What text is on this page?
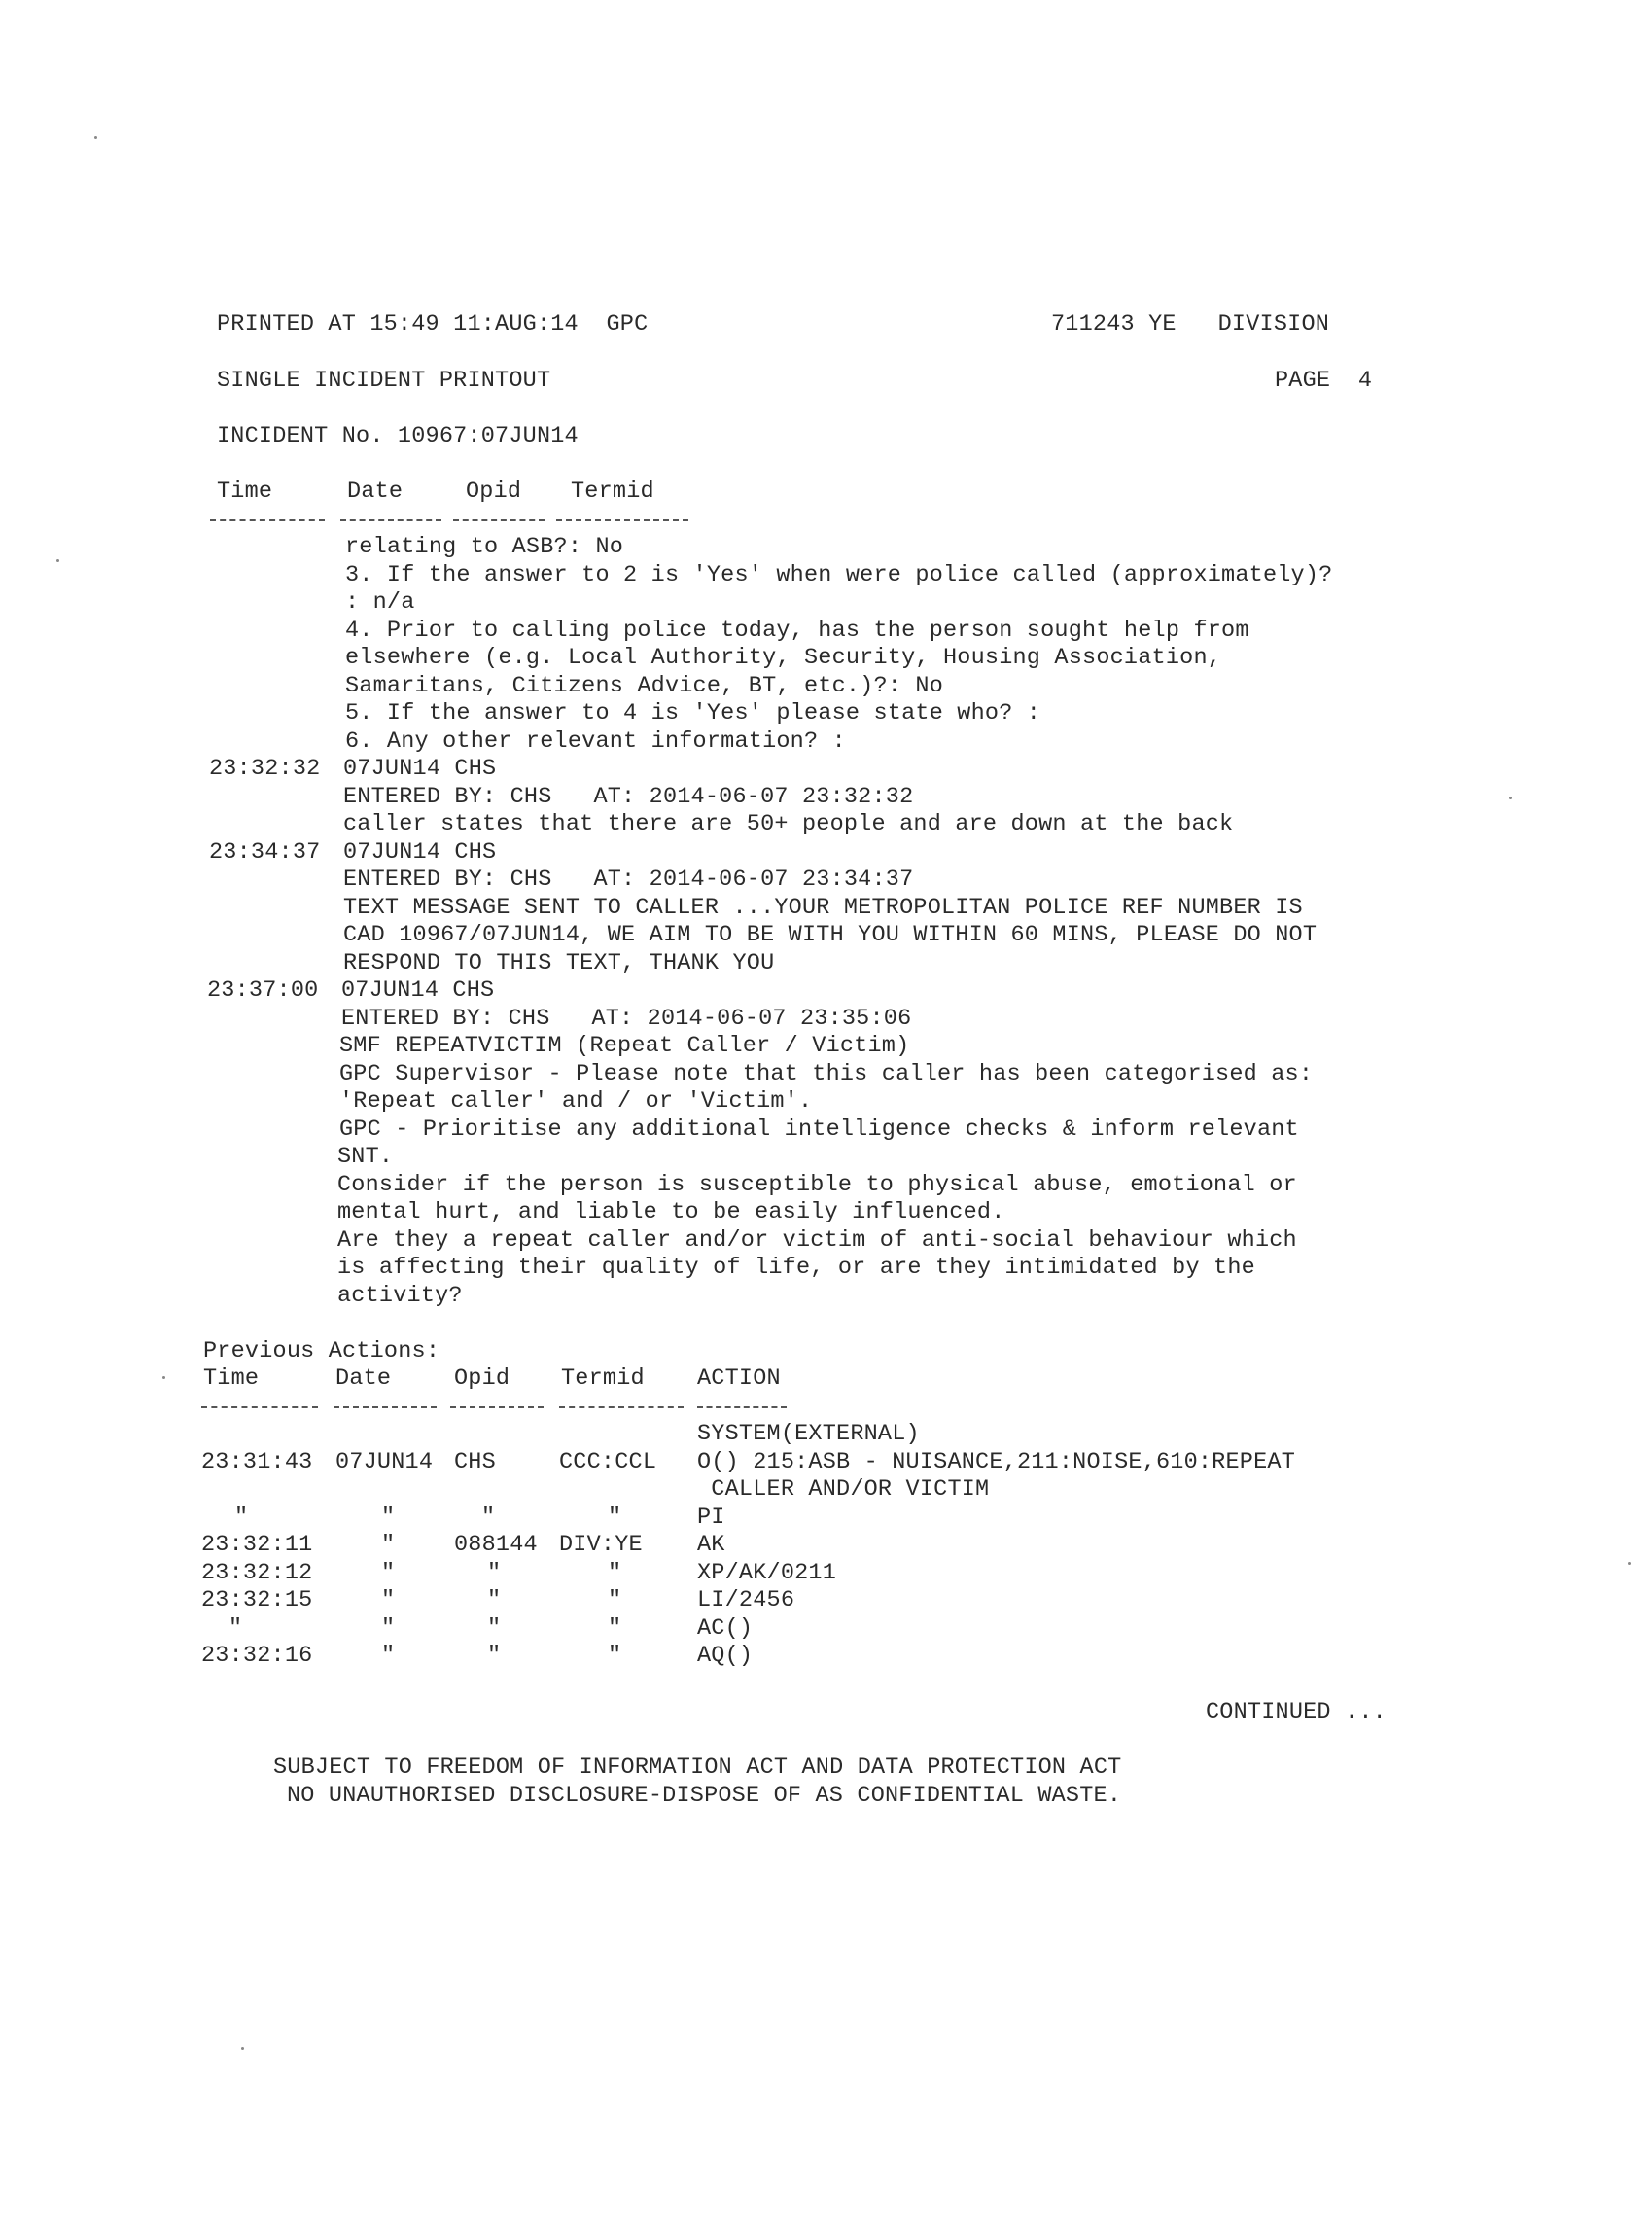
PRINTED AT 15:49 11:AUG:14  GPC	711243 YE   DIVISION
SINGLE INCIDENT PRINTOUT	PAGE  4
INCIDENT No. 10967:07JUN14
Time	Date	Opid Termid
relating to ASB?: No
3. If the answer to 2 is 'Yes' when were police called (approximately)?
: n/a
4. Prior to calling police today, has the person sought help from
elsewhere (e.g. Local Authority, Security, Housing Association,
Samaritans, Citizens Advice, BT, etc.)?: No
5. If the answer to 4 is 'Yes' please state who? :
6. Any other relevant information? :
23:32:32 07JUN14 CHS
ENTERED BY: CHS   AT: 2014-06-07 23:32:32
caller states that there are 50+ people and are down at the back
23:34:37 07JUN14 CHS
ENTERED BY: CHS   AT: 2014-06-07 23:34:37
TEXT MESSAGE SENT TO CALLER ...YOUR METROPOLITAN POLICE REF NUMBER IS
CAD 10967/07JUN14, WE AIM TO BE WITH YOU WITHIN 60 MINS, PLEASE DO NOT
RESPOND TO THIS TEXT, THANK YOU
23:37:00 07JUN14 CHS
ENTERED BY: CHS   AT: 2014-06-07 23:35:06
SMF REPEATVICTIM (Repeat Caller / Victim)
GPC Supervisor - Please note that this caller has been categorised as:
'Repeat caller' and / or 'Victim'.
GPC - Prioritise any additional intelligence checks & inform relevant
SNT.
Consider if the person is susceptible to physical abuse, emotional or
mental hurt, and liable to be easily influenced.
Are they a repeat caller and/or victim of anti-social behaviour which
is affecting their quality of life, or are they intimidated by the
activity?
Previous Actions:
Time	Date	Opid Termid ACTION
SYSTEM(EXTERNAL)
23:31:43 07JUN14 CHS	CCC:CCL O() 215:ASB - NUISANCE,211:NOISE,610:REPEAT
CALLER AND/OR VICTIM
"	"	"	"	PI
23:32:11	"	088144 DIV:YE AK
23:32:12	"	"	"	XP/AK/0211
23:32:15	"	"	"	LI/2456
"	"	"	"	AC()
23:32:16	"	"	"	AQ()
CONTINUED ...
SUBJECT TO FREEDOM OF INFORMATION ACT AND DATA PROTECTION ACT
NO UNAUTHORISED DISCLOSURE-DISPOSE OF AS CONFIDENTIAL WASTE.
